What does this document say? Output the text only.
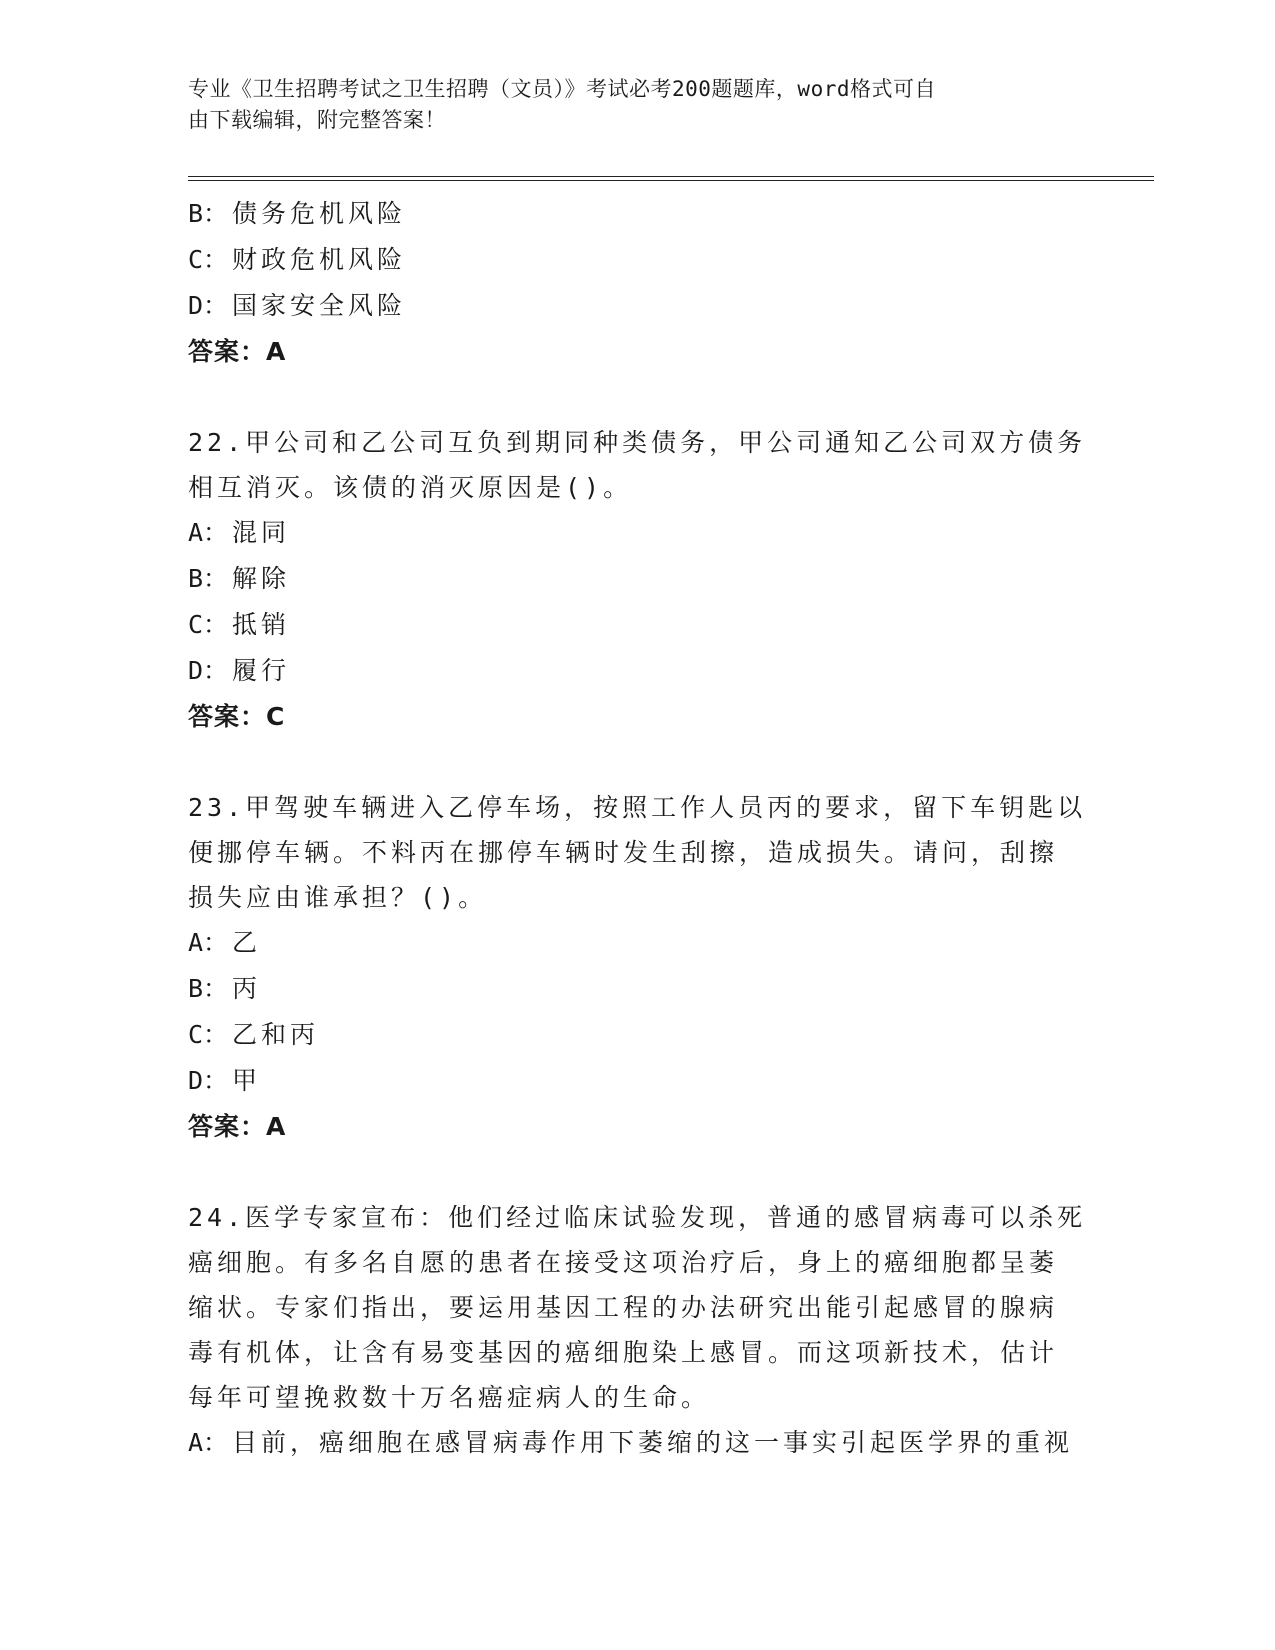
专业《卫生招聘考试之卫生招聘（文员）》考试必考200题题库，word格式可自
由下载编辑，附完整答案！
B： 债务危机风险
C： 财政危机风险
D： 国家安全风险
答案：A
22.甲公司和乙公司互负到期同种类债务，甲公司通知乙公司双方债务
相互消灭。该债的消灭原因是()。
A： 混同
B： 解除
C： 抵销
D： 履行
答案：C
23.甲驾驶车辆进入乙停车场，按照工作人员丙的要求，留下车钥匙以
便挪停车辆。不料丙在挪停车辆时发生刮擦，造成损失。请问，刮擦
损失应由谁承担？()。
A： 乙
B： 丙
C： 乙和丙
D： 甲
答案：A
24.医学专家宣布：他们经过临床试验发现，普通的感冒病毒可以杀死
癌细胞。有多名自愿的患者在接受这项治疗后，身上的癌细胞都呈萎
缩状。专家们指出，要运用基因工程的办法研究出能引起感冒的腺病
毒有机体，让含有易变基因的癌细胞染上感冒。而这项新技术，估计
每年可望挽救数十万名癌症病人的生命。
A： 目前，癌细胞在感冒病毒作用下萎缩的这一事实引起医学界的重视
